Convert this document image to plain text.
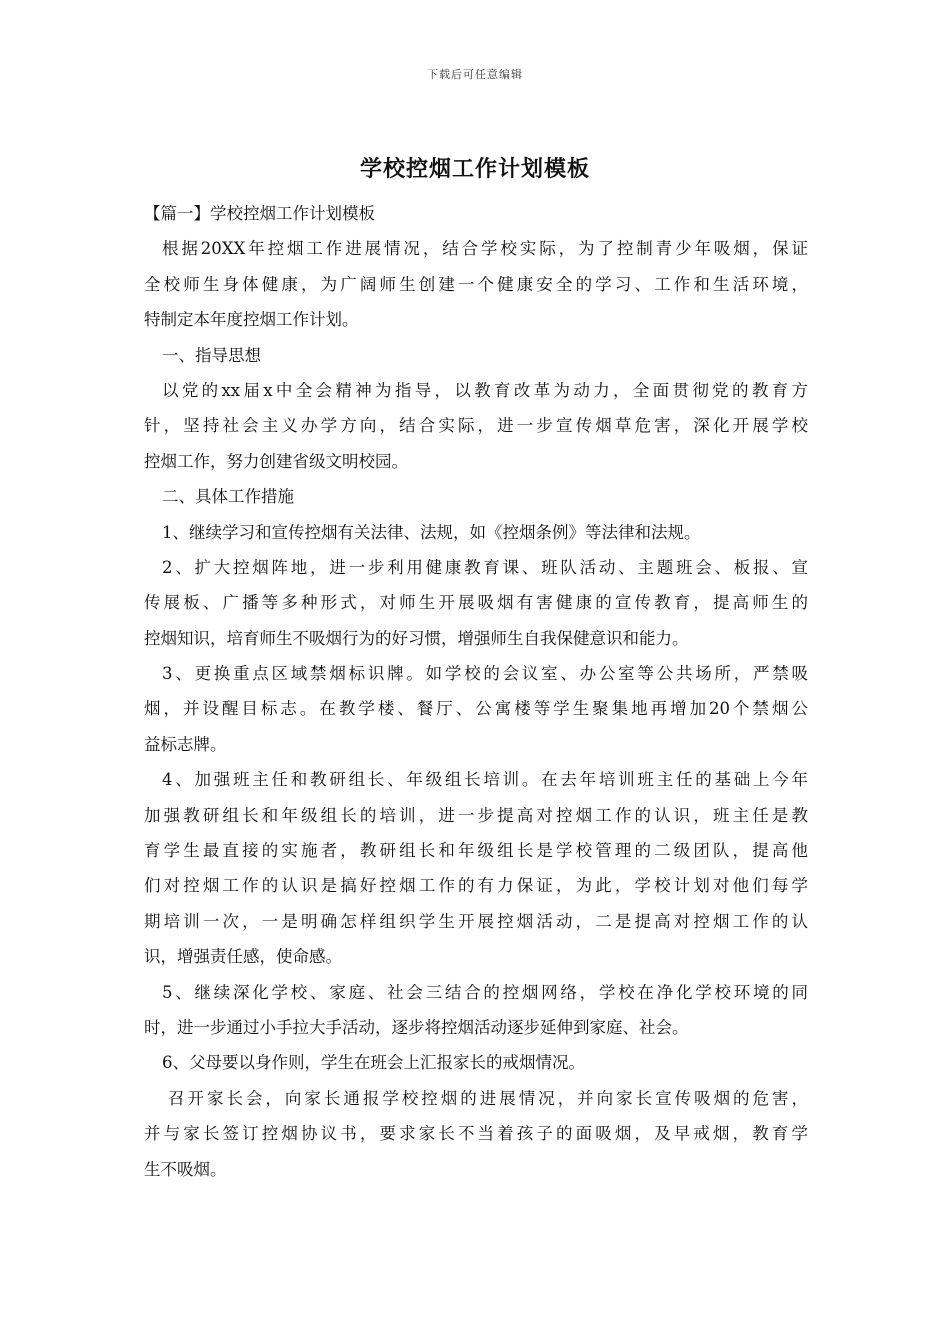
下载后可任意编辑
学校控烟工作计划模板
【篇一】学校控烟工作计划模板
根据20XX年控烟工作进展情况，结合学校实际，为了控制青少年吸烟，保证
全校师生身体健康，为广阔师生创建一个健康安全的学习、工作和生活环境，
特制定本年度控烟工作计划。
一、指导思想
以党的xx届x中全会精神为指导，以教育改革为动力，全面贯彻党的教育方
针，坚持社会主义办学方向，结合实际，进一步宣传烟草危害，深化开展学校
控烟工作，努力创建省级文明校园。
二、具体工作措施
1、继续学习和宣传控烟有关法律、法规，如《控烟条例》等法律和法规。
2、扩大控烟阵地，进一步利用健康教育课、班队活动、主题班会、板报、宣
传展板、广播等多种形式，对师生开展吸烟有害健康的宣传教育，提高师生的
控烟知识，培育师生不吸烟行为的好习惯，增强师生自我保健意识和能力。
3、更换重点区域禁烟标识牌。如学校的会议室、办公室等公共场所，严禁吸
烟，并设醒目标志。在教学楼、餐厅、公寓楼等学生聚集地再增加20个禁烟公
益标志牌。
4、加强班主任和教研组长、年级组长培训。在去年培训班主任的基础上今年
加强教研组长和年级组长的培训，进一步提高对控烟工作的认识，班主任是教
育学生最直接的实施者，教研组长和年级组长是学校管理的二级团队，提高他
们对控烟工作的认识是搞好控烟工作的有力保证，为此，学校计划对他们每学
期培训一次，一是明确怎样组织学生开展控烟活动，二是提高对控烟工作的认
识，增强责任感，使命感。
5、继续深化学校、家庭、社会三结合的控烟网络，学校在净化学校环境的同
时，进一步通过小手拉大手活动，逐步将控烟活动逐步延伸到家庭、社会。
6、父母要以身作则，学生在班会上汇报家长的戒烟情况。
召开家长会，向家长通报学校控烟的进展情况，并向家长宣传吸烟的危害，
并与家长签订控烟协议书，要求家长不当着孩子的面吸烟，及早戒烟，教育学
生不吸烟。
